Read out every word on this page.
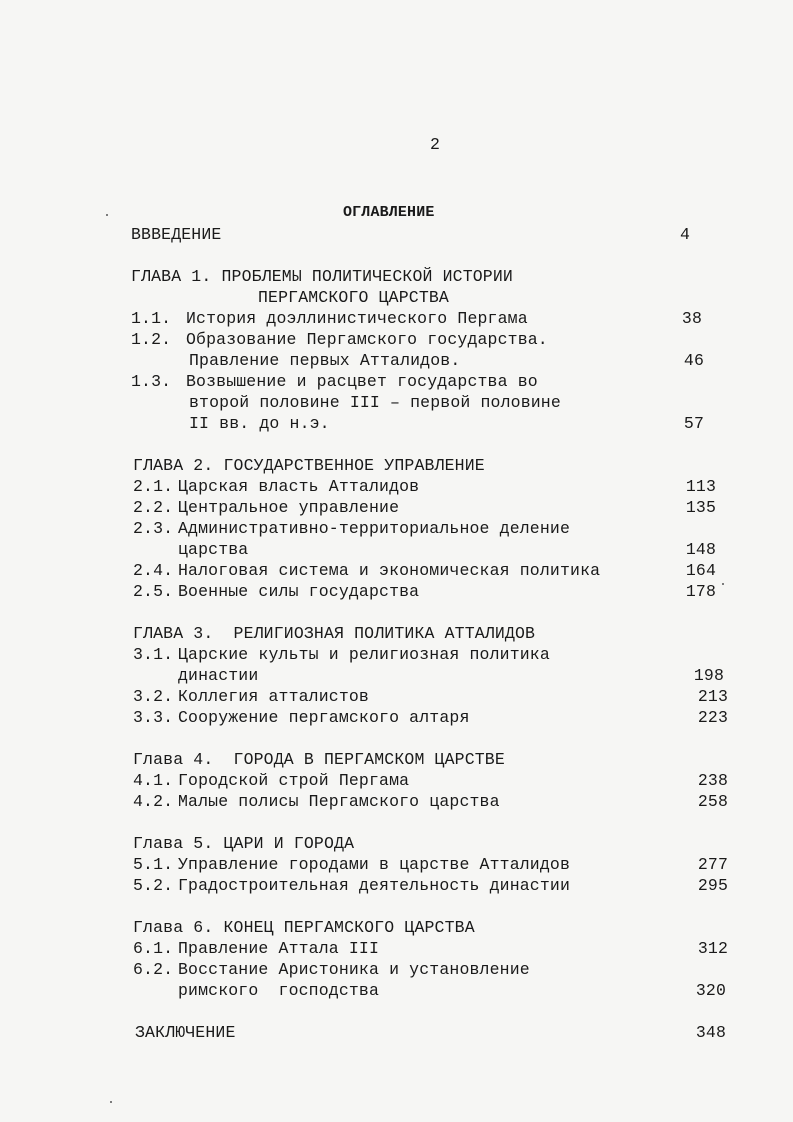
2
ОГЛАВЛЕНИЕ
ВВВЕДЕНИЕ	4
ГЛАВА 1. ПРОБЛЕМЫ ПОЛИТИЧЕСКОЙ ИСТОРИИ
ПЕРГАМСКОГО ЦАРСТВА
1.1. История доэллинистического Пергама	38
1.2. Образование Пергамского государства.
Правление первых Атталидов.	46
1.3. Возвышение и расцвет государства во
второй половине III – первой половине
II вв. до н.э.	57
ГЛАВА 2. ГОСУДАРСТВЕННОЕ УПРАВЛЕНИЕ
2.1. Царская власть Атталидов	113
2.2. Центральное управление	135
2.3. Административно-территориальное деление
царства	148
2.4. Налоговая система и экономическая политика	164
2.5. Военные силы государства	178
ГЛАВА 3.  РЕЛИГИОЗНАЯ ПОЛИТИКА АТТАЛИДОВ
3.1. Царские культы и религиозная политика
династии	198
3.2. Коллегия атталистов	213
3.3. Сооружение пергамского алтаря	223
Глава 4.  ГОРОДА В ПЕРГАМСКОМ ЦАРСТВЕ
4.1. Городской строй Пергама	238
4.2. Малые полисы Пергамского царства	258
Глава 5. ЦАРИ И ГОРОДА
5.1. Управление городами в царстве Атталидов	277
5.2. Градостроительная деятельность династии	295
Глава 6. КОНЕЦ ПЕРГАМСКОГО ЦАРСТВА
6.1. Правление Аттала III	312
6.2. Восстание Аристоника и установление
римского  господства	320
ЗАКЛЮЧЕНИЕ	348
